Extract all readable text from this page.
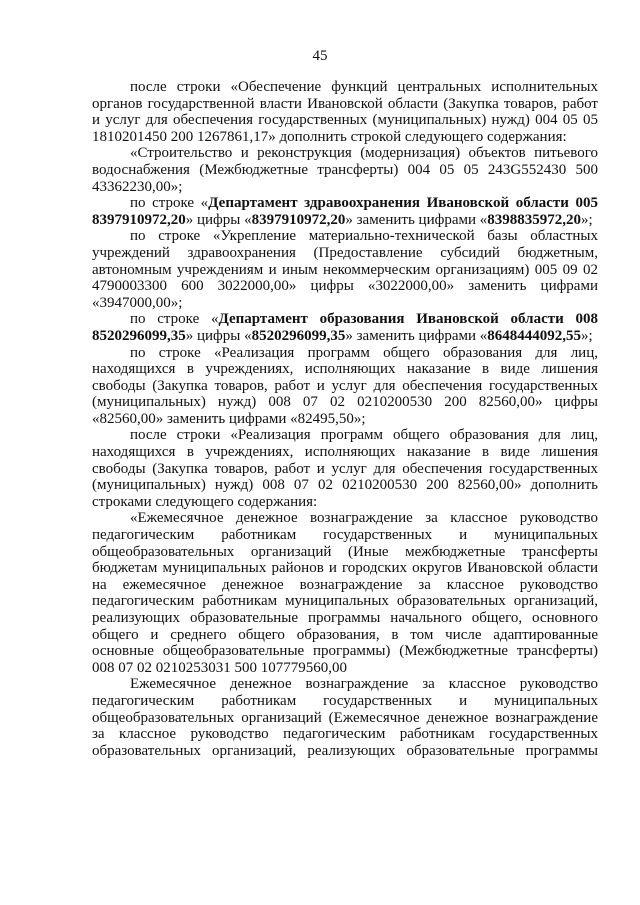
45

после строки «Обеспечение функций центральных исполнительных органов государственной власти Ивановской области (Закупка товаров, работ и услуг для обеспечения государственных (муниципальных) нужд) 004 05 05 1810201450 200 1267861,17» дополнить строкой следующего содержания:

«Строительство и реконструкция (модернизация) объектов питьевого водоснабжения (Межбюджетные трансферты) 004 05 05 243G552430 500 43362230,00»;

по строке «Департамент здравоохранения Ивановской области 005 8397910972,20» цифры «8397910972,20» заменить цифрами «8398835972,20»;

по строке «Укрепление материально-технической базы областных учреждений здравоохранения (Предоставление субсидий бюджетным, автономным учреждениям и иным некоммерческим организациям) 005 09 02 4790003300 600 3022000,00» цифры «3022000,00» заменить цифрами «3947000,00»;

по строке «Департамент образования Ивановской области 008 8520296099,35» цифры «8520296099,35» заменить цифрами «8648444092,55»;

по строке «Реализация программ общего образования для лиц, находящихся в учреждениях, исполняющих наказание в виде лишения свободы (Закупка товаров, работ и услуг для обеспечения государственных (муниципальных) нужд) 008 07 02 0210200530 200 82560,00» цифры «82560,00» заменить цифрами «82495,50»;

после строки «Реализация программ общего образования для лиц, находящихся в учреждениях, исполняющих наказание в виде лишения свободы (Закупка товаров, работ и услуг для обеспечения государственных (муниципальных) нужд) 008 07 02 0210200530 200 82560,00» дополнить строками следующего содержания:

«Ежемесячное денежное вознаграждение за классное руководство педагогическим работникам государственных и муниципальных общеобразовательных организаций (Иные межбюджетные трансферты бюджетам муниципальных районов и городских округов Ивановской области на ежемесячное денежное вознаграждение за классное руководство педагогическим работникам муниципальных образовательных организаций, реализующих образовательные программы начального общего, основного общего и среднего общего образования, в том числе адаптированные основные общеобразовательные программы) (Межбюджетные трансферты) 008 07 02 0210253031 500 107779560,00

Ежемесячное денежное вознаграждение за классное руководство педагогическим работникам государственных и муниципальных общеобразовательных организаций (Ежемесячное денежное вознаграждение за классное руководство педагогическим работникам государственных образовательных организаций, реализующих образовательные программы
